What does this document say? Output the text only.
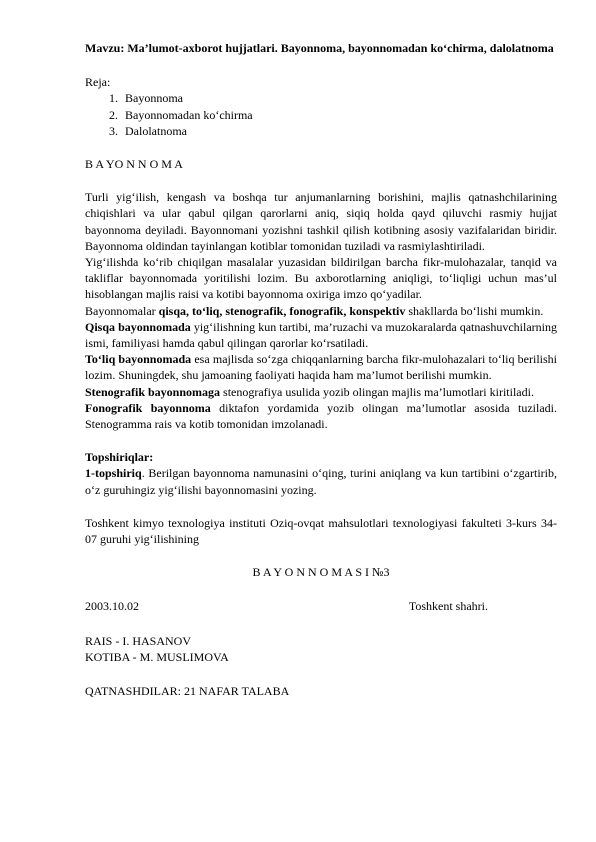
Mavzu: Ma’lumot-axborot hujjatlari. Bayonnoma, bayonnomadan ko‘chirma, dalolatnoma

Reja:

1. Bayonnoma
2. Bayonnomadan ko‘chirma
3. Dalolatnoma

B A YO N N O M A

Turli yig‘ilish, kengash va boshqa tur anjumanlarning borishini, majlis qatnashchilarining chiqishlari va ular qabul qilgan qarorlarni aniq, siqiq holda qayd qiluvchi rasmiy hujjat bayonnoma deyiladi. Bayonnomani yozishni tashkil qilish kotibning asosiy vazifalaridan biridir. Bayonnoma oldindan tayinlangan kotiblar tomonidan tuziladi va rasmiylashtiriladi.

Yig‘ilishda ko‘rib chiqilgan masalalar yuzasidan bildirilgan barcha fikr-mulohazalar, tanqid va takliflar bayonnomada yoritilishi lozim. Bu axborotlarning aniqligi, to‘liqligi uchun mas’ul hisoblangan majlis raisi va kotibi bayonnoma oxiriga imzo qo‘yadilar.

Bayonnomalar qisqa, to‘liq, stenografik, fonografik, konspektiv shakllarda bo‘lishi mumkin.

Qisqa bayonnomada yig‘ilishning kun tartibi, ma’ruzachi va muzokaralarda qatnashuvchilarning ismi, familiyasi hamda qabul qilingan qarorlar ko‘rsatiladi.

To‘liq bayonnomada esa majlisda so‘zga chiqqanlarning barcha fikr-mulohazalari to‘liq berilishi lozim. Shuningdek, shu jamoaning faoliyati haqida ham ma’lumot berilishi mumkin.

Stenografik bayonnomaga stenografiya usulida yozib olingan majlis ma’lumotlari kiritiladi.

Fonografik bayonnoma diktafon yordamida yozib olingan ma’lumotlar asosida tuziladi. Stenogramma rais va kotib tomonidan imzolanadi.

Topshiriqlar:

1-topshiriq. Berilgan bayonnoma namunasini o‘qing, turini aniqlang va kun tartibini o‘zgartirib, o‘z guruhingiz yig‘ilishi bayonnomasini yozing.

Toshkent kimyo texnologiya instituti Oziq-ovqat mahsulotlari texnologiyasi fakulteti 3-kurs 34-07 guruhi yig‘ilishining

B A Y O N N O M A S I №3

2003.10.02	Toshkent shahri.
RAIS - I. HASANOV
KOTIBA - M. MUSLIMOVA
QATNASHDILAR: 21 NAFAR TALABA
